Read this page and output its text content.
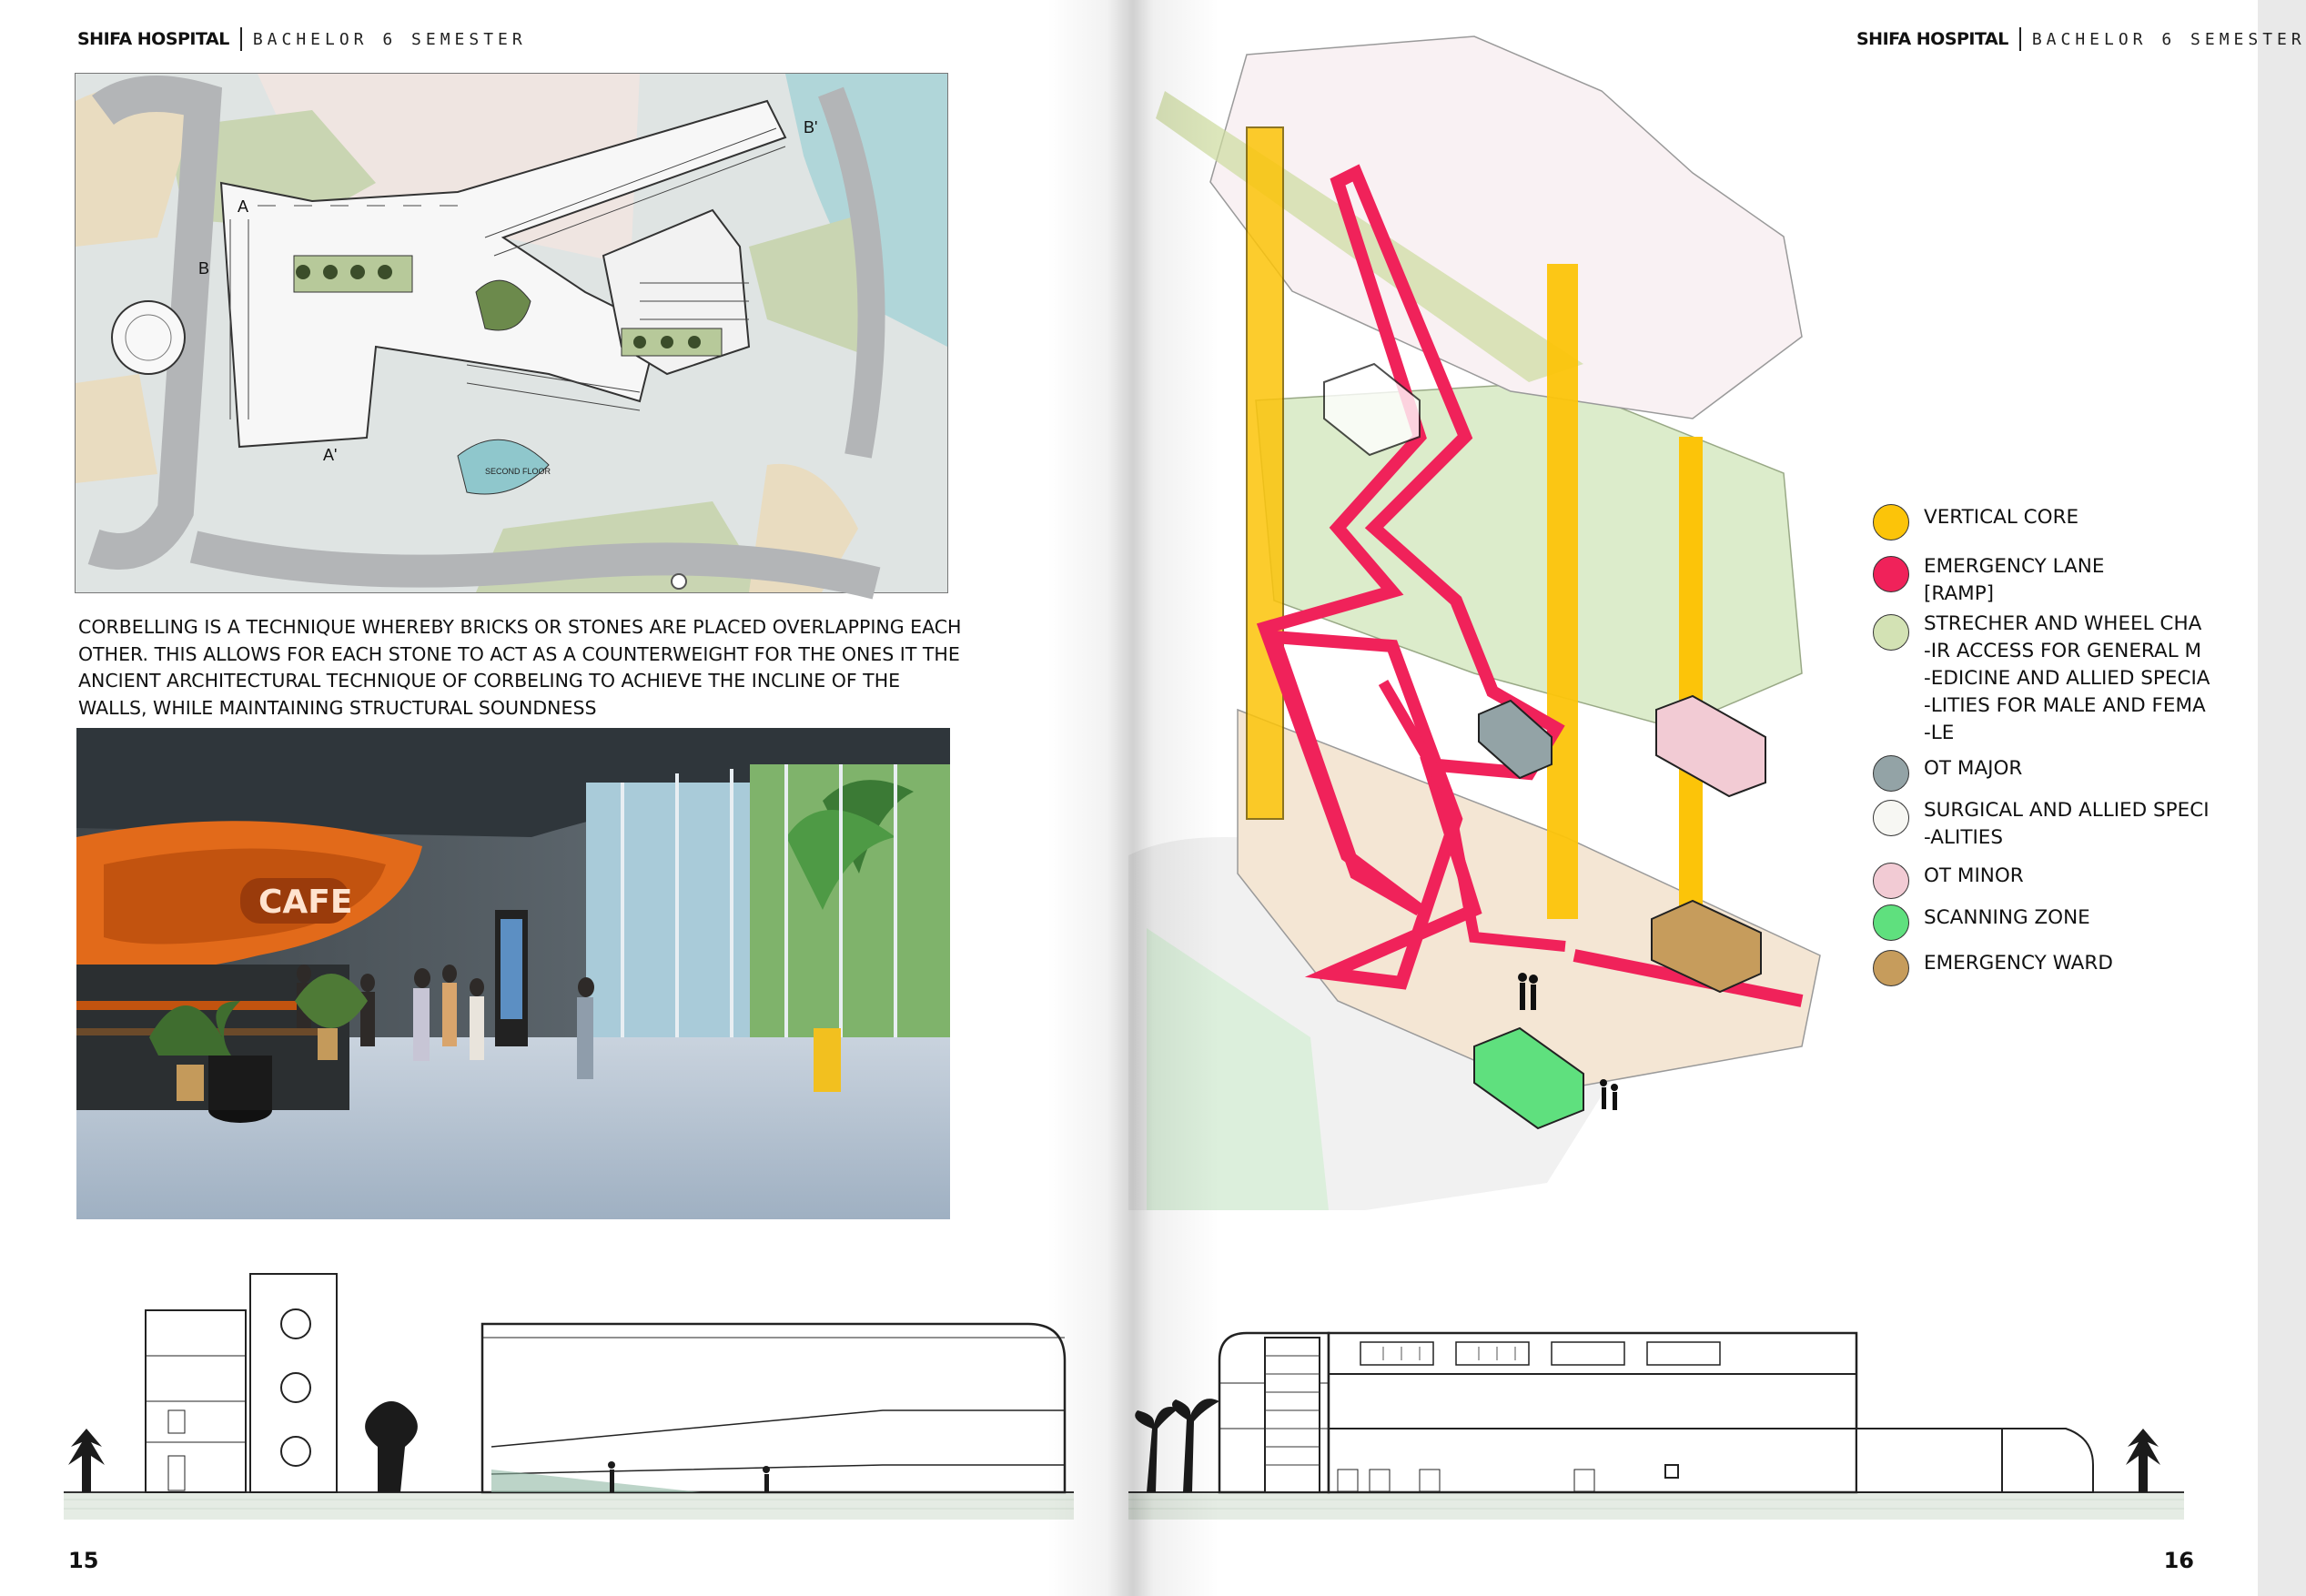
SHIFA HOSPITAL BACHELOR 6 SEMESTER
A
A'
B
B'
SECOND FLOOR

CORBELLING IS A TECHNIQUE WHEREBY BRICKS OR STONES ARE PLACED OVERLAPPING EACH OTHER. THIS ALLOWS FOR EACH STONE TO ACT AS A COUNTERWEIGHT FOR THE ONES IT THE ANCIENT ARCHITECTURAL TECHNIQUE OF CORBELING TO ACHIEVE THE INCLINE OF THE WALLS, WHILE MAINTAINING STRUCTURAL SOUNDNESS

CAFE
15
SHIFA HOSPITAL BACHELOR 6 SEMESTER
VERTICAL CORE
EMERGENCY LANE
[RAMP]
STRECHER AND WHEEL CHA
-IR ACCESS FOR GENERAL M
-EDICINE AND ALLIED SPECIA
-LITIES FOR MALE AND FEMA
-LE
OT MAJOR
SURGICAL AND ALLIED SPECI
-ALITIES
OT MINOR
SCANNING ZONE
EMERGENCY WARD
16
